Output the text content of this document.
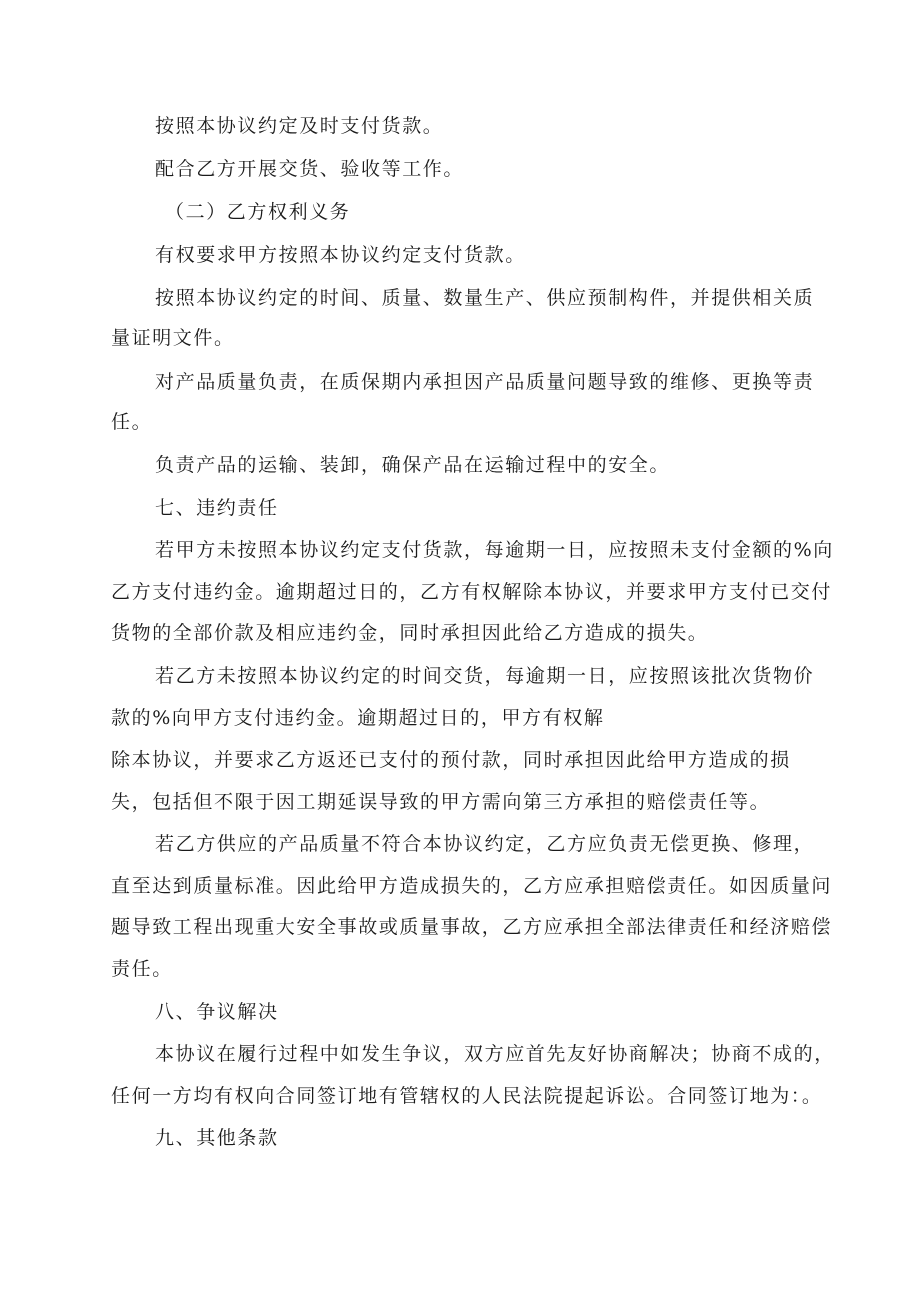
按照本协议约定及时支付货款。
配合乙方开展交货、验收等工作。
（二）乙方权利义务
有权要求甲方按照本协议约定支付货款。
按照本协议约定的时间、质量、数量生产、供应预制构件，并提供相关质
量证明文件。
对产品质量负责，在质保期内承担因产品质量问题导致的维修、更换等责
任。
负责产品的运输、装卸，确保产品在运输过程中的安全。
七、违约责任
若甲方未按照本协议约定支付货款，每逾期一日，应按照未支付金额的%向
乙方支付违约金。逾期超过日的，乙方有权解除本协议，并要求甲方支付已交付
货物的全部价款及相应违约金，同时承担因此给乙方造成的损失。
若乙方未按照本协议约定的时间交货，每逾期一日，应按照该批次货物价
款的%向甲方支付违约金。逾期超过日的，甲方有权解
除本协议，并要求乙方返还已支付的预付款，同时承担因此给甲方造成的损
失，包括但不限于因工期延误导致的甲方需向第三方承担的赔偿责任等。
若乙方供应的产品质量不符合本协议约定，乙方应负责无偿更换、修理，
直至达到质量标准。因此给甲方造成损失的，乙方应承担赔偿责任。如因质量问
题导致工程出现重大安全事故或质量事故，乙方应承担全部法律责任和经济赔偿
责任。
八、争议解决
本协议在履行过程中如发生争议，双方应首先友好协商解决；协商不成的，
任何一方均有权向合同签订地有管辖权的人民法院提起诉讼。合同签订地为：。
九、其他条款
